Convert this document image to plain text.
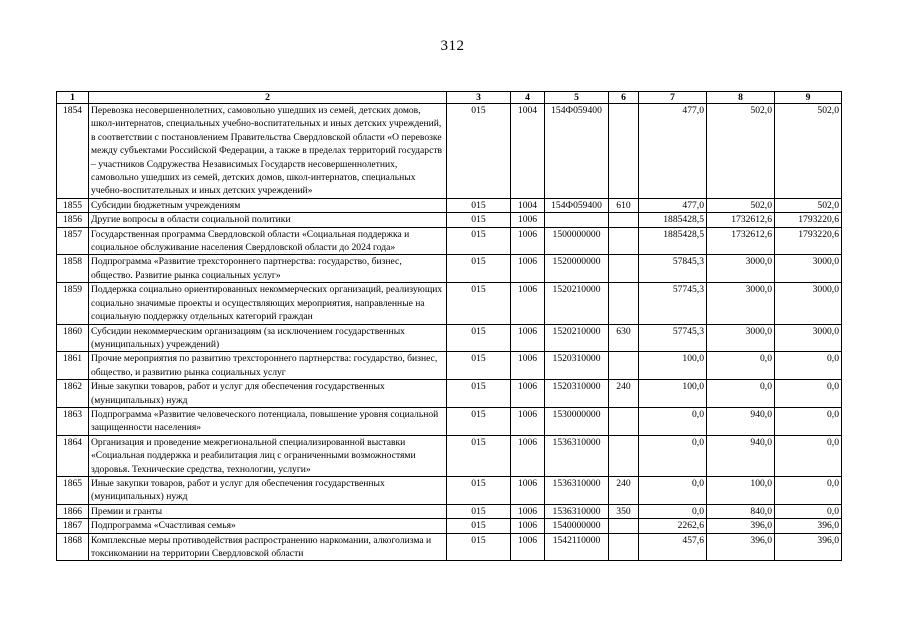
312
1	2	3	4	5	6	7	8	9
1854	Перевозка несовершеннолетних, самовольно ушедших из семей, детских домов, школ-интернатов, специальных учебно-воспитательных и иных детских учреждений, в соответствии с постановлением Правительства Свердловской области «О перевозке между субъектами Российской Федерации, а также в пределах территорий государств – участников Содружества Независимых Государств несовершеннолетних, самовольно ушедших из семей, детских домов, школ-интернатов, специальных учебно-воспитательных и иных детских учреждений»	015	1004	154Ф059400		477,0	502,0	502,0
1855	Субсидии бюджетным учреждениям	015	1004	154Ф059400	610	477,0	502,0	502,0
1856	Другие вопросы в области социальной политики	015	1006			1885428,5	1732612,6	1793220,6
1857	Государственная программа Свердловской области «Социальная поддержка и социальное обслуживание населения Свердловской области до 2024 года»	015	1006	1500000000		1885428,5	1732612,6	1793220,6
1858	Подпрограмма «Развитие трехстороннего партнерства: государство, бизнес, общество. Развитие рынка социальных услуг»	015	1006	1520000000		57845,3	3000,0	3000,0
1859	Поддержка социально ориентированных некоммерческих организаций, реализующих социально значимые проекты и осуществляющих мероприятия, направленные на социальную поддержку отдельных категорий граждан	015	1006	1520210000		57745,3	3000,0	3000,0
1860	Субсидии некоммерческим организациям (за исключением государственных (муниципальных) учреждений)	015	1006	1520210000	630	57745,3	3000,0	3000,0
1861	Прочие мероприятия по развитию трехстороннего партнерства: государство, бизнес, общество, и развитию рынка социальных услуг	015	1006	1520310000		100,0	0,0	0,0
1862	Иные закупки товаров, работ и услуг для обеспечения государственных (муниципальных) нужд	015	1006	1520310000	240	100,0	0,0	0,0
1863	Подпрограмма «Развитие человеческого потенциала, повышение уровня социальной защищенности населения»	015	1006	1530000000		0,0	940,0	0,0
1864	Организация и проведение межрегиональной специализированной выставки «Социальная поддержка и реабилитация лиц с ограниченными возможностями здоровья. Технические средства, технологии, услуги»	015	1006	1536310000		0,0	940,0	0,0
1865	Иные закупки товаров, работ и услуг для обеспечения государственных (муниципальных) нужд	015	1006	1536310000	240	0,0	100,0	0,0
1866	Премии и гранты	015	1006	1536310000	350	0,0	840,0	0,0
1867	Подпрограмма «Счастливая семья»	015	1006	1540000000		2262,6	396,0	396,0
1868	Комплексные меры противодействия распространению наркомании, алкоголизма и токсикомании на территории Свердловской области	015	1006	1542110000		457,6	396,0	396,0
